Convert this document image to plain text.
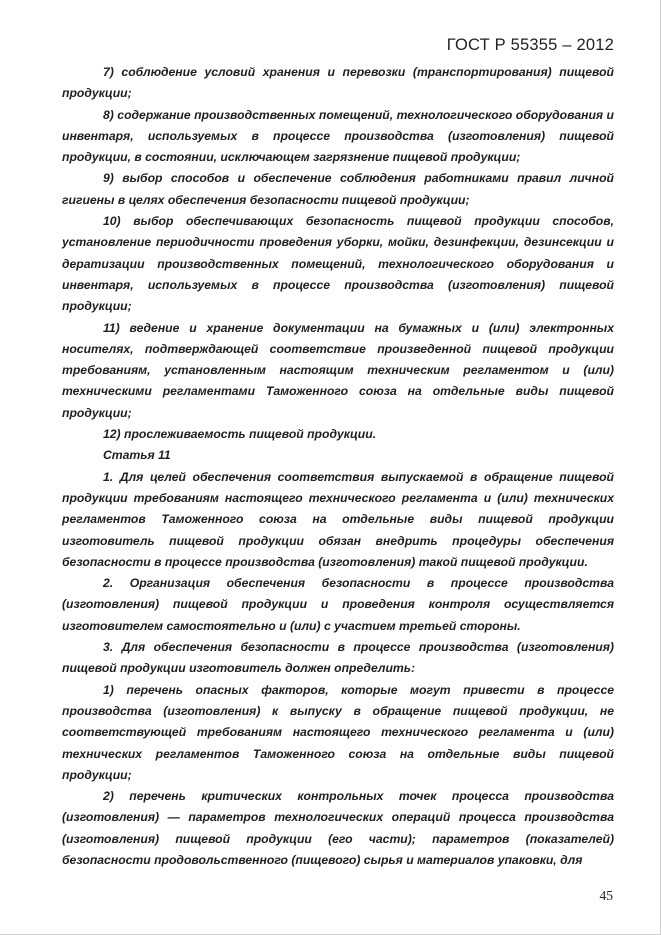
ГОСТ Р 55355 – 2012

7) соблюдение условий хранения и перевозки (транспортирования) пищевой продукции;

8) содержание производственных помещений, технологического оборудования и инвентаря, используемых в процессе производства (изготовления) пищевой продукции, в состоянии, исключающем загрязнение пищевой продукции;

9) выбор способов и обеспечение соблюдения работниками правил личной гигиены в целях обеспечения безопасности пищевой продукции;

10) выбор обеспечивающих безопасность пищевой продукции способов, установление периодичности проведения уборки, мойки, дезинфекции, дезинсекции и дератизации производственных помещений, технологического оборудования и инвентаря, используемых в процессе производства (изготовления) пищевой продукции;

11) ведение и хранение документации на бумажных и (или) электронных носителях, подтверждающей соответствие произведенной пищевой продукции требованиям, установленным настоящим техническим регламентом и (или) техническими регламентами Таможенного союза на отдельные виды пищевой продукции;

12) прослеживаемость пищевой продукции.

Статья 11

1. Для целей обеспечения соответствия выпускаемой в обращение пищевой продукции требованиям настоящего технического регламента и (или) технических регламентов Таможенного союза на отдельные виды пищевой продукции изготовитель пищевой продукции обязан внедрить процедуры обеспечения безопасности в процессе производства (изготовления) такой пищевой продукции.

2. Организация обеспечения безопасности в процессе производства (изготовления) пищевой продукции и проведения контроля осуществляется изготовителем самостоятельно и (или) с участием третьей стороны.

3. Для обеспечения безопасности в процессе производства (изготовления) пищевой продукции изготовитель должен определить:

1) перечень опасных факторов, которые могут привести в процессе производства (изготовления) к выпуску в обращение пищевой продукции, не соответствующей требованиям настоящего технического регламента и (или) технических регламентов Таможенного союза на отдельные виды пищевой продукции;

2) перечень критических контрольных точек процесса производства (изготовления) — параметров технологических операций процесса производства (изготовления) пищевой продукции (его части); параметров (показателей) безопасности продовольственного (пищевого) сырья и материалов упаковки, для

45
